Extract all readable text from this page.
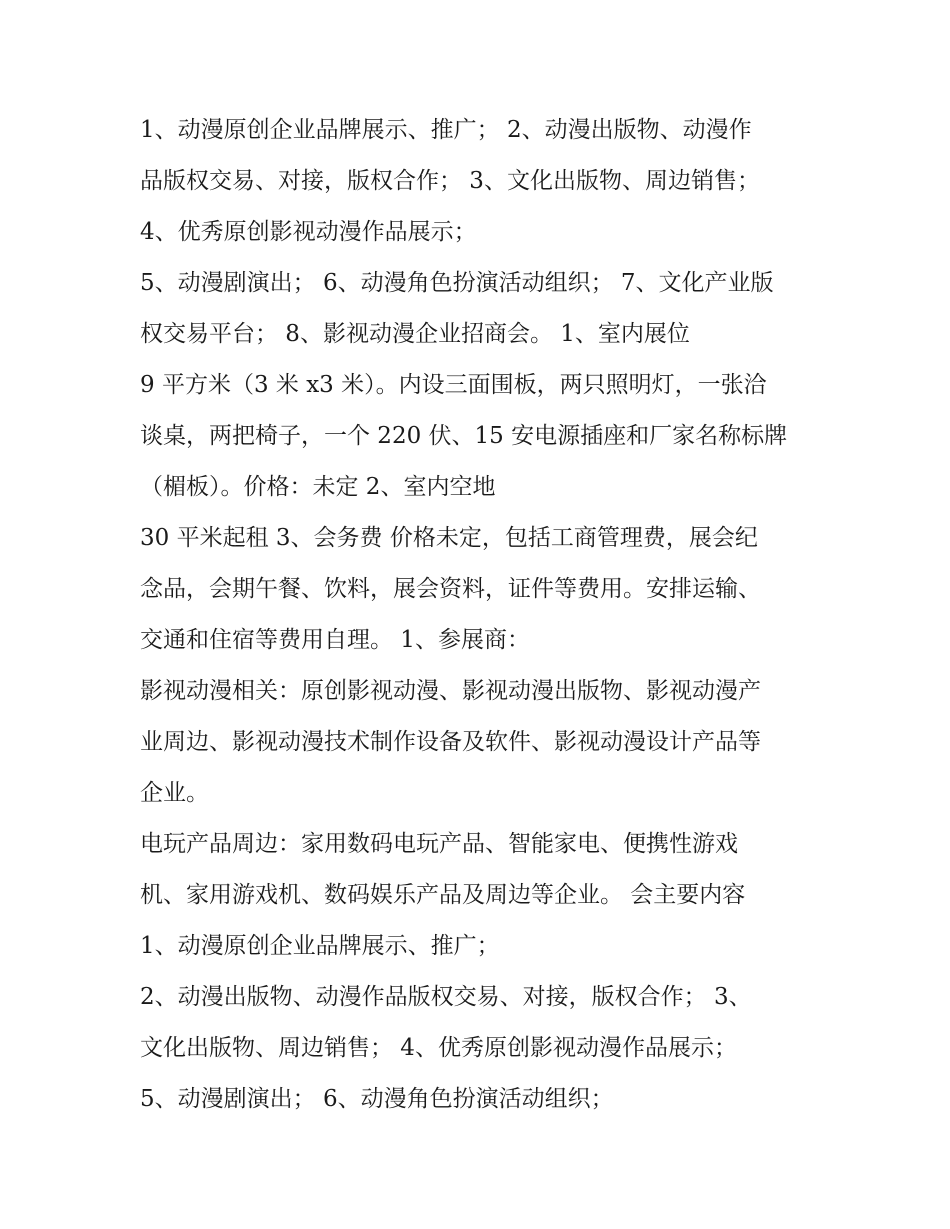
1、动漫原创企业品牌展示、推广； 2、动漫出版物、动漫作
品版权交易、对接，版权合作； 3、文化出版物、周边销售；
4、优秀原创影视动漫作品展示；
5、动漫剧演出； 6、动漫角色扮演活动组织； 7、文化产业版
权交易平台； 8、影视动漫企业招商会。 1、室内展位
9 平方米（3 米 x3 米）。内设三面围板，两只照明灯，一张洽
谈桌，两把椅子，一个 220 伏、15 安电源插座和厂家名称标牌
（楣板）。价格：未定 2、室内空地
30 平米起租 3、会务费 价格未定，包括工商管理费，展会纪
念品，会期午餐、饮料，展会资料，证件等费用。安排运输、
交通和住宿等费用自理。 1、参展商：
影视动漫相关：原创影视动漫、影视动漫出版物、影视动漫产
业周边、影视动漫技术制作设备及软件、影视动漫设计产品等
企业。
电玩产品周边：家用数码电玩产品、智能家电、便携性游戏
机、家用游戏机、数码娱乐产品及周边等企业。 会主要内容
1、动漫原创企业品牌展示、推广；
2、动漫出版物、动漫作品版权交易、对接，版权合作； 3、
文化出版物、周边销售； 4、优秀原创影视动漫作品展示；
5、动漫剧演出； 6、动漫角色扮演活动组织；
